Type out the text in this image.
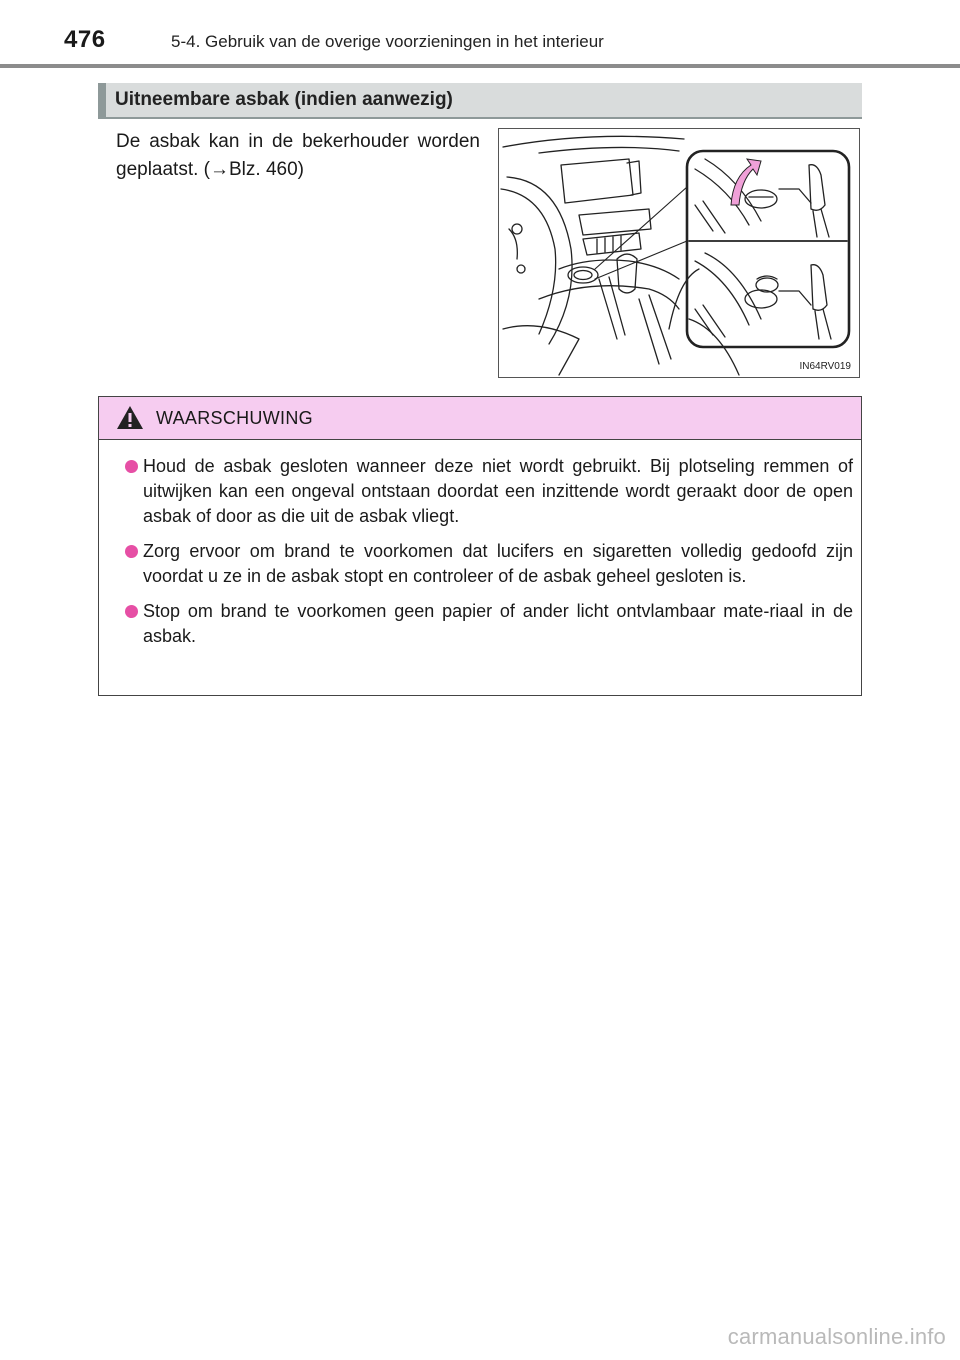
476	5-4. Gebruik van de overige voorzieningen in het interieur
Uitneembare asbak (indien aanwezig)
De asbak kan in de bekerhouder worden geplaatst. (→Blz. 460)
IN64RV019
WAARSCHUWING
Houd de asbak gesloten wanneer deze niet wordt gebruikt. Bij plotseling remmen of uitwijken kan een ongeval ontstaan doordat een inzittende wordt geraakt door de open asbak of door as die uit de asbak vliegt.
Zorg ervoor om brand te voorkomen dat lucifers en sigaretten volledig gedoofd zijn voordat u ze in de asbak stopt en controleer of de asbak geheel gesloten is.
Stop om brand te voorkomen geen papier of ander licht ontvlambaar mate-riaal in de asbak.
carmanualsonline.info
